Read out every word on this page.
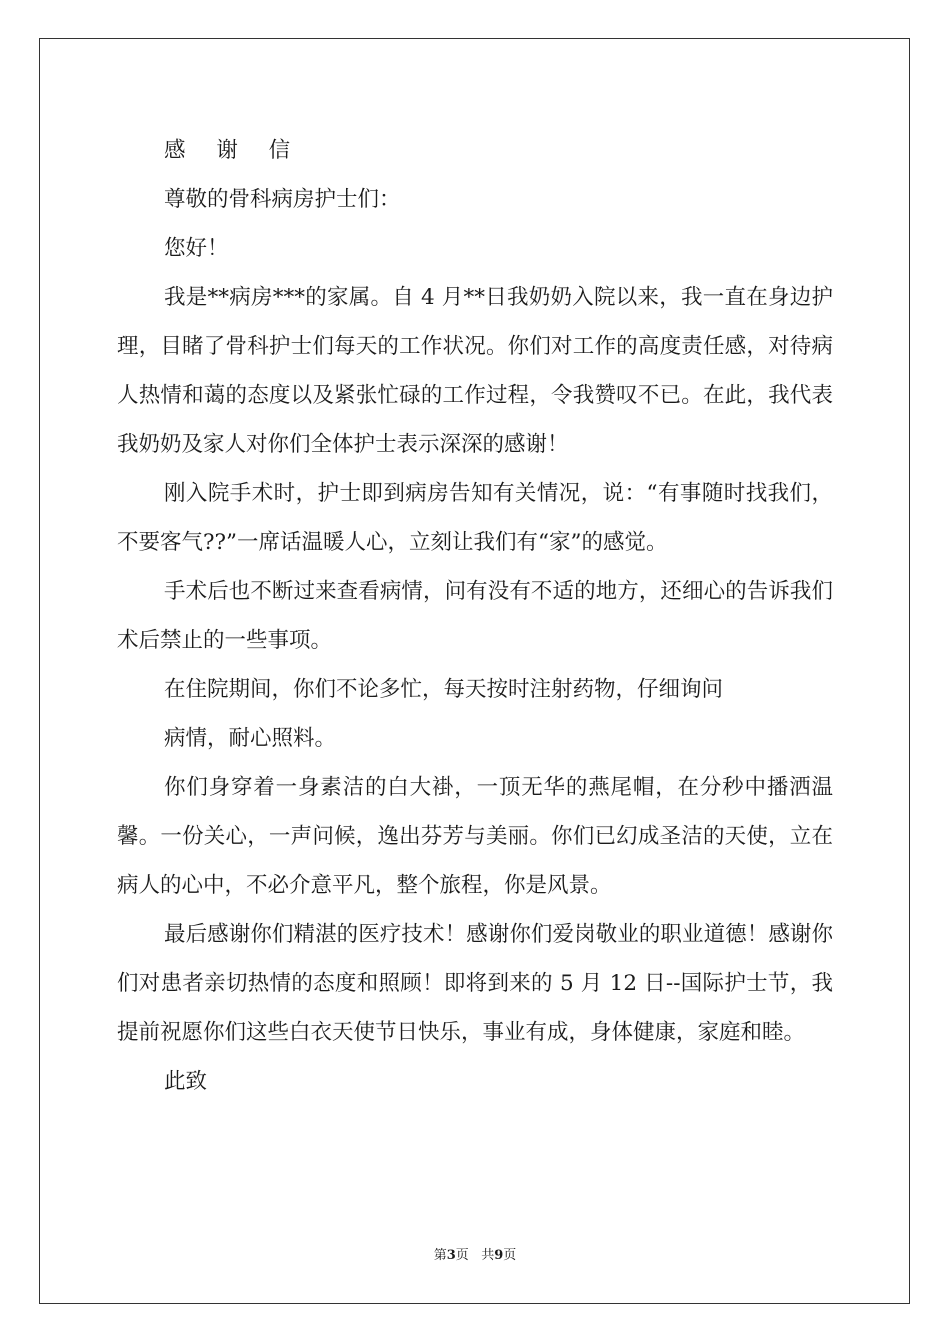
感 谢 信

尊敬的骨科病房护士们：

您好！

我是**病房***的家属。自 4 月**日我奶奶入院以来，我一直在身边护理，目睹了骨科护士们每天的工作状况。你们对工作的高度责任感，对待病人热情和蔼的态度以及紧张忙碌的工作过程，令我赞叹不已。在此，我代表我奶奶及家人对你们全体护士表示深深的感谢！

刚入院手术时，护士即到病房告知有关情况，说：“有事随时找我们，不要客气??”一席话温暖人心，立刻让我们有“家”的感觉。

手术后也不断过来查看病情，问有没有不适的地方，还细心的告诉我们术后禁止的一些事项。

在住院期间，你们不论多忙，每天按时注射药物，仔细询问

病情，耐心照料。

你们身穿着一身素洁的白大褂，一顶无华的燕尾帽，在分秒中播洒温馨。一份关心，一声问候，逸出芬芳与美丽。你们已幻成圣洁的天使，立在病人的心中，不必介意平凡，整个旅程，你是风景。

最后感谢你们精湛的医疗技术！感谢你们爱岗敬业的职业道德！感谢你们对患者亲切热情的态度和照顾！即将到来的 5 月 12 日--国际护士节，我提前祝愿你们这些白衣天使节日快乐，事业有成，身体健康，家庭和睦。

此致

第3页 共9页
